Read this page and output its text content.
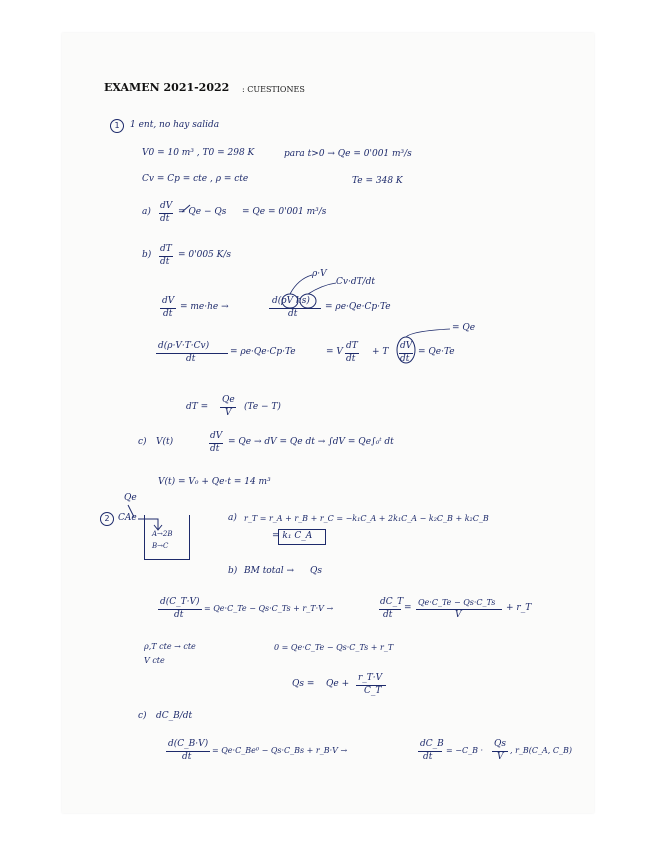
EXAMEN 2021-2022 : CUESTIONES
1	1 ent, no hay salida
V0 = 10 m³ , T0 = 298 K	para t>0 → Qe = 0'001 m³/s
Cv = Cp = cte , ρ = cte	Te = 348 K
a)
dV
dt
= Qe − Qs = Qe = 0'001 m³/s
b)
dT
dt
= 0'005 K/s
ρ·V
Cv·dT/dt
dV
dt
= me·he →
d(ρV hs)
dt
= ρe·Qe·Cp·Te
= Qe
d(ρ·V·T·Cv)
dt
= ρe·Qe·Cp·Te	= V
dT
dt
+ T
dV
dt
= Qe·Te
dT =
Qe
V
(Te − T)
c) V(t)
dV
dt
= Qe → dV = Qe dt → ∫dV = Qe∫₀ᵗ dt
V(t) = V₀ + Qe·t = 14 m³
Qe
2 CAe
A→2B
B→C
a) r_T = r_A + r_B + r_C = −k₁C_A + 2k₁C_A − k₂C_B + k₂C_B
= k₁ C_A
b) BM total → Qs
d(C_T·V)
dt
= Qe·C_Te − Qs·C_Ts + r_T·V →
dC_T
dt
=
Qe·C_Te − Qs·C_Ts
V
+ r_T
ρ,T cte → cte
V cte
0 = Qe·C_Te − Qs·C_Ts + r_T
Qs = Qe +
r_T·V
C_T
c) dC_B/dt
d(C_B·V)
dt
= Qe·C_Be⁰ − Qs·C_Bs + r_B·V →
dC_B
dt
= −C_B ·
Qs
V
, r_B(C_A, C_B)
